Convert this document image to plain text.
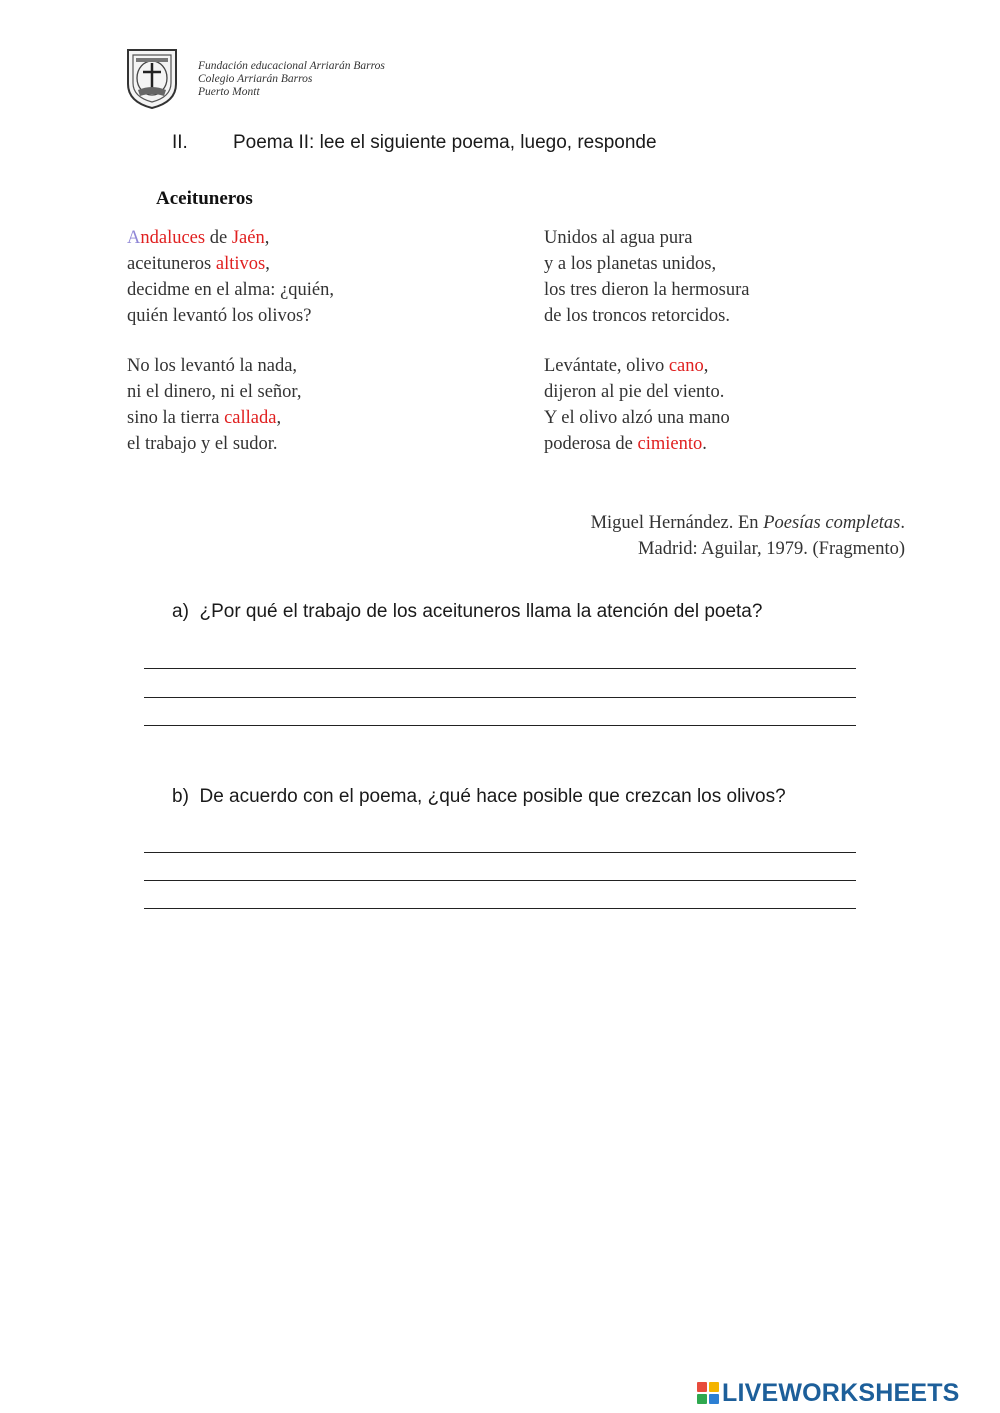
Fundación educacional Arriarán Barros
Colegio Arriarán Barros
Puerto Montt
II. Poema II: lee el siguiente poema, luego, responde
Aceituneros
Andaluces de Jaén,
aceituneros altivos,
decidme en el alma: ¿quién,
quién levantó los olivos?
No los levantó la nada,
ni el dinero, ni el señor,
sino la tierra callada,
el trabajo y el sudor.
Unidos al agua pura
y a los planetas unidos,
los tres dieron la hermosura
de los troncos retorcidos.
Levántate, olivo cano,
dijeron al pie del viento.
Y el olivo alzó una mano
poderosa de cimiento.
Miguel Hernández. En Poesías completas.
Madrid: Aguilar, 1979. (Fragmento)
a) ¿Por qué el trabajo de los aceituneros llama la atención del poeta?
b) De acuerdo con el poema, ¿qué hace posible que crezcan los olivos?
LIVEWORKSHEETS
